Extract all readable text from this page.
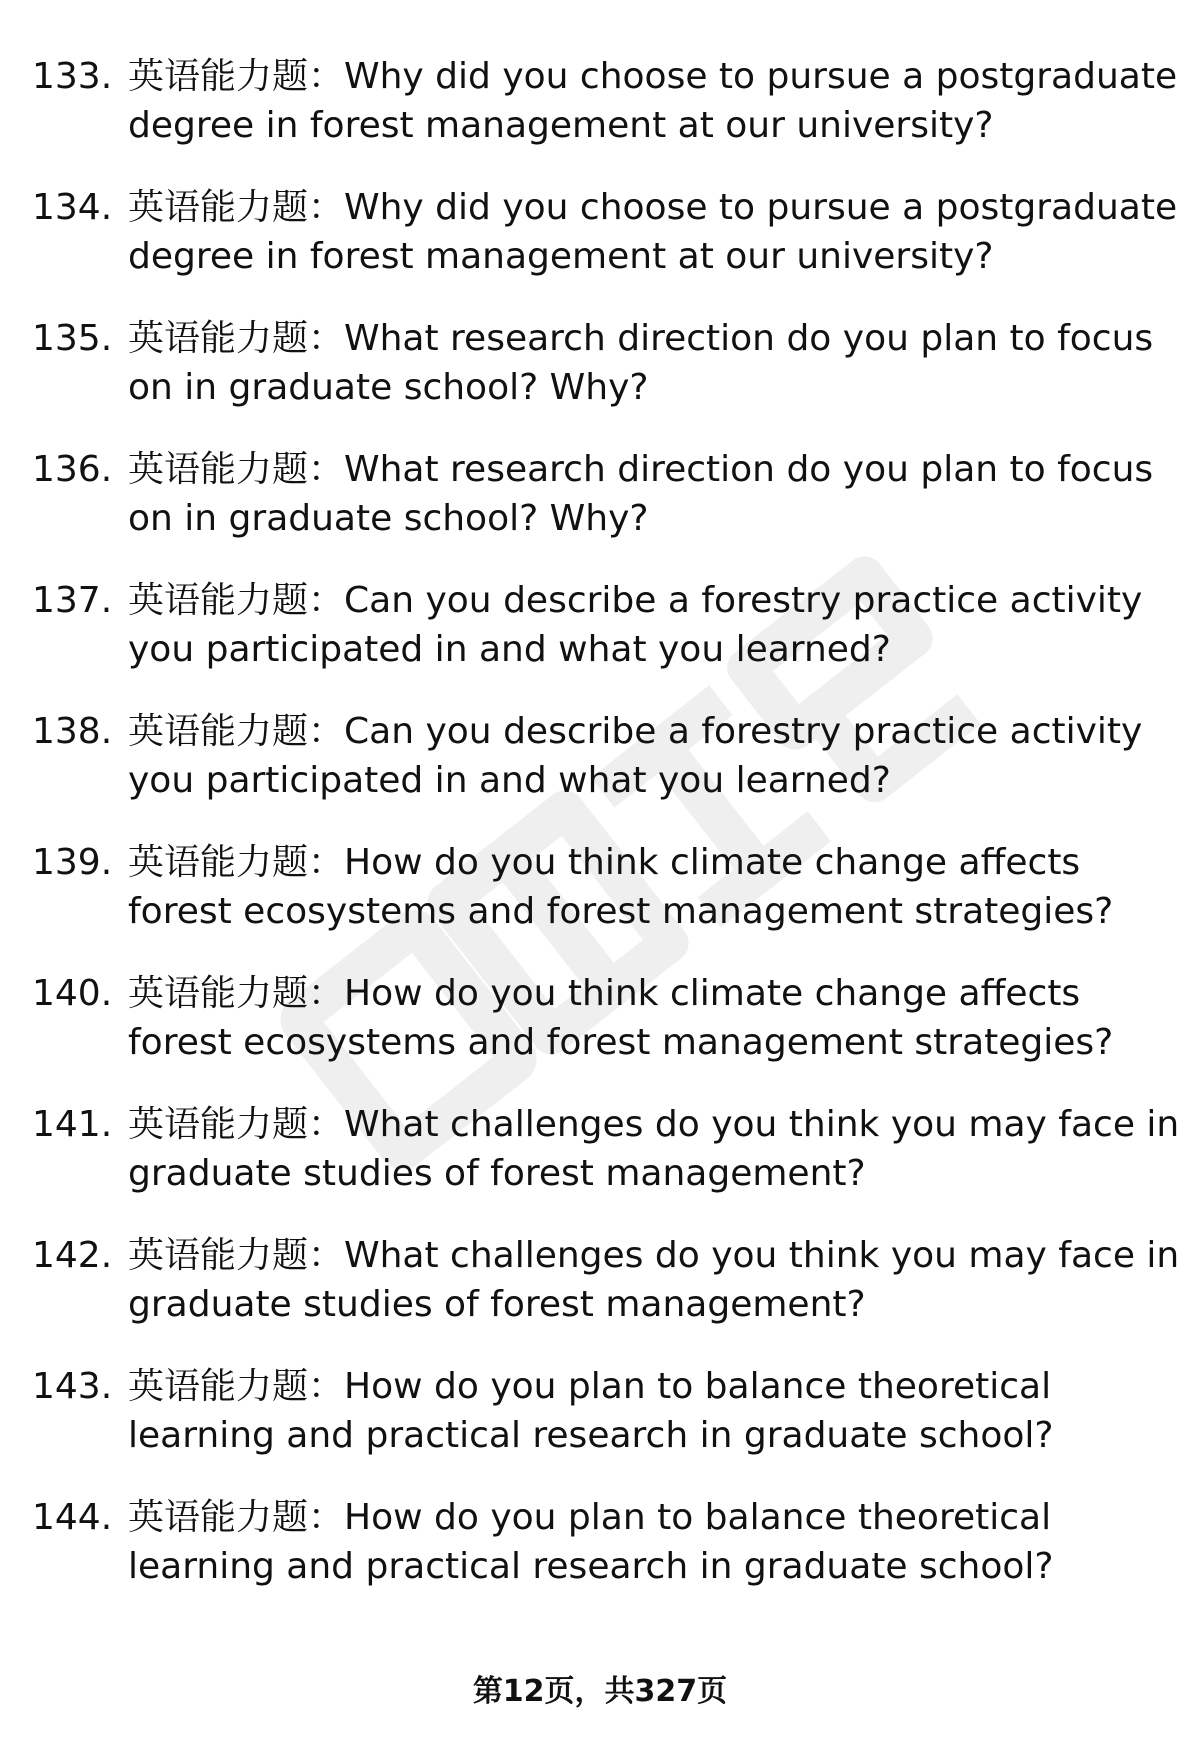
133. 英语能力题：Why did you choose to pursue a postgraduate
degree in forest management at our university?
134. 英语能力题：Why did you choose to pursue a postgraduate
degree in forest management at our university?
135. 英语能力题：What research direction do you plan to focus
on in graduate school? Why?
136. 英语能力题：What research direction do you plan to focus
on in graduate school? Why?
137. 英语能力题：Can you describe a forestry practice activity
you participated in and what you learned?
138. 英语能力题：Can you describe a forestry practice activity
you participated in and what you learned?
139. 英语能力题：How do you think climate change affects
forest ecosystems and forest management strategies?
140. 英语能力题：How do you think climate change affects
forest ecosystems and forest management strategies?
141. 英语能力题：What challenges do you think you may face in
graduate studies of forest management?
142. 英语能力题：What challenges do you think you may face in
graduate studies of forest management?
143. 英语能力题：How do you plan to balance theoretical
learning and practical research in graduate school?
144. 英语能力题：How do you plan to balance theoretical
learning and practical research in graduate school?
第12页，共327页
